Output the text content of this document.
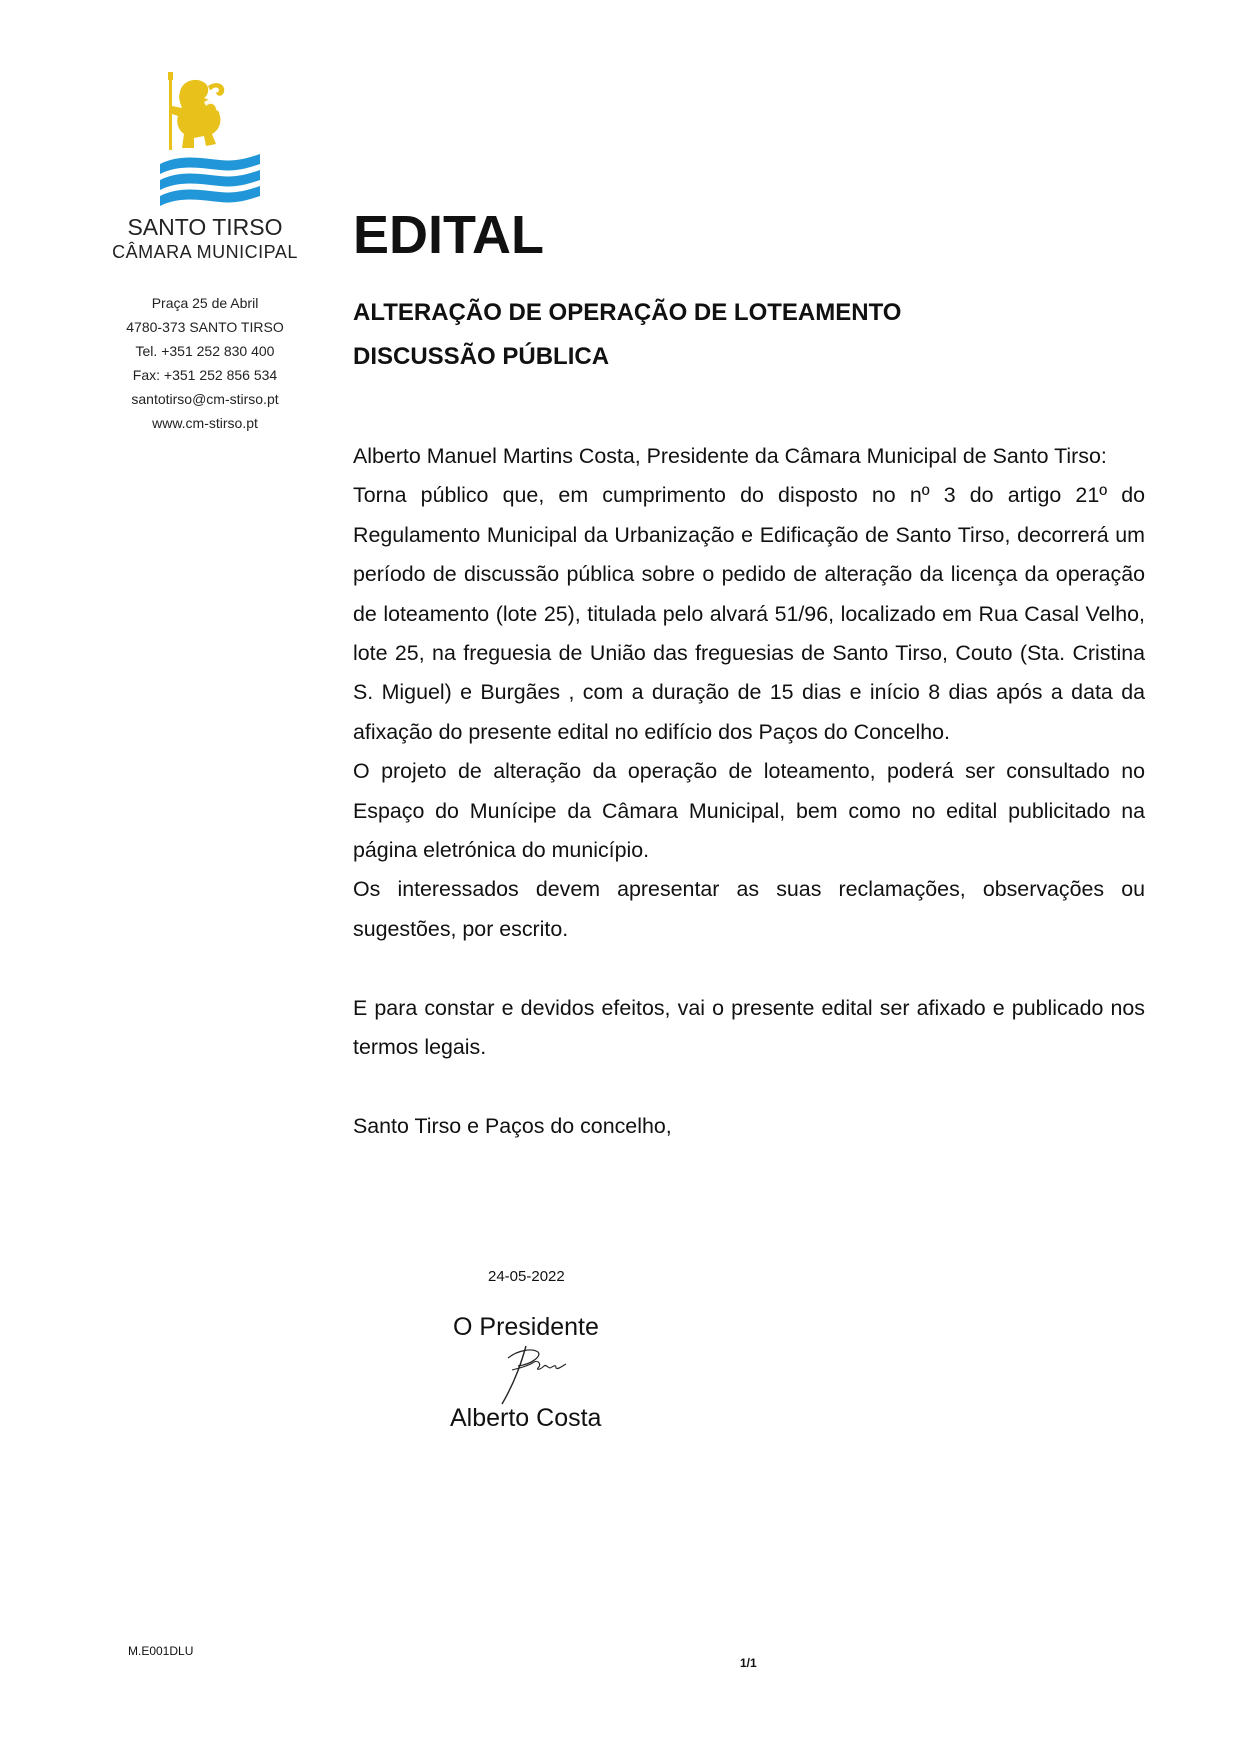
SANTO TIRSO
CÂMARA MUNICIPAL
Praça 25 de Abril
4780-373 SANTO TIRSO
Tel. +351 252 830 400
Fax: +351 252 856 534
santotirso@cm-stirso.pt
www.cm-stirso.pt
EDITAL
ALTERAÇÃO DE OPERAÇÃO DE LOTEAMENTO
DISCUSSÃO PÚBLICA

Alberto Manuel Martins Costa, Presidente da Câmara Municipal de Santo Tirso:

Torna público que, em cumprimento do disposto no nº 3 do artigo 21º do Regulamento Municipal da Urbanização e Edificação de Santo Tirso, decorrerá um período de discussão pública sobre o pedido de alteração da licença da operação de loteamento (lote 25), titulada pelo alvará 51/96, localizado em Rua Casal Velho, lote 25, na freguesia de União das freguesias de Santo Tirso, Couto (Sta. Cristina S. Miguel) e Burgães , com a duração de 15 dias e início 8 dias após a data da afixação do presente edital no edifício dos Paços do Concelho.

O projeto de alteração da operação de loteamento, poderá ser consultado no Espaço do Munícipe da Câmara Municipal, bem como no edital publicitado na página eletrónica do município.

Os interessados devem apresentar as suas reclamações, observações ou sugestões, por escrito.

E para constar e devidos efeitos, vai o presente edital ser afixado e publicado nos termos legais.

Santo Tirso e Paços do concelho,

24-05-2022
O Presidente
Alberto Costa
M.E001DLU
1/1
